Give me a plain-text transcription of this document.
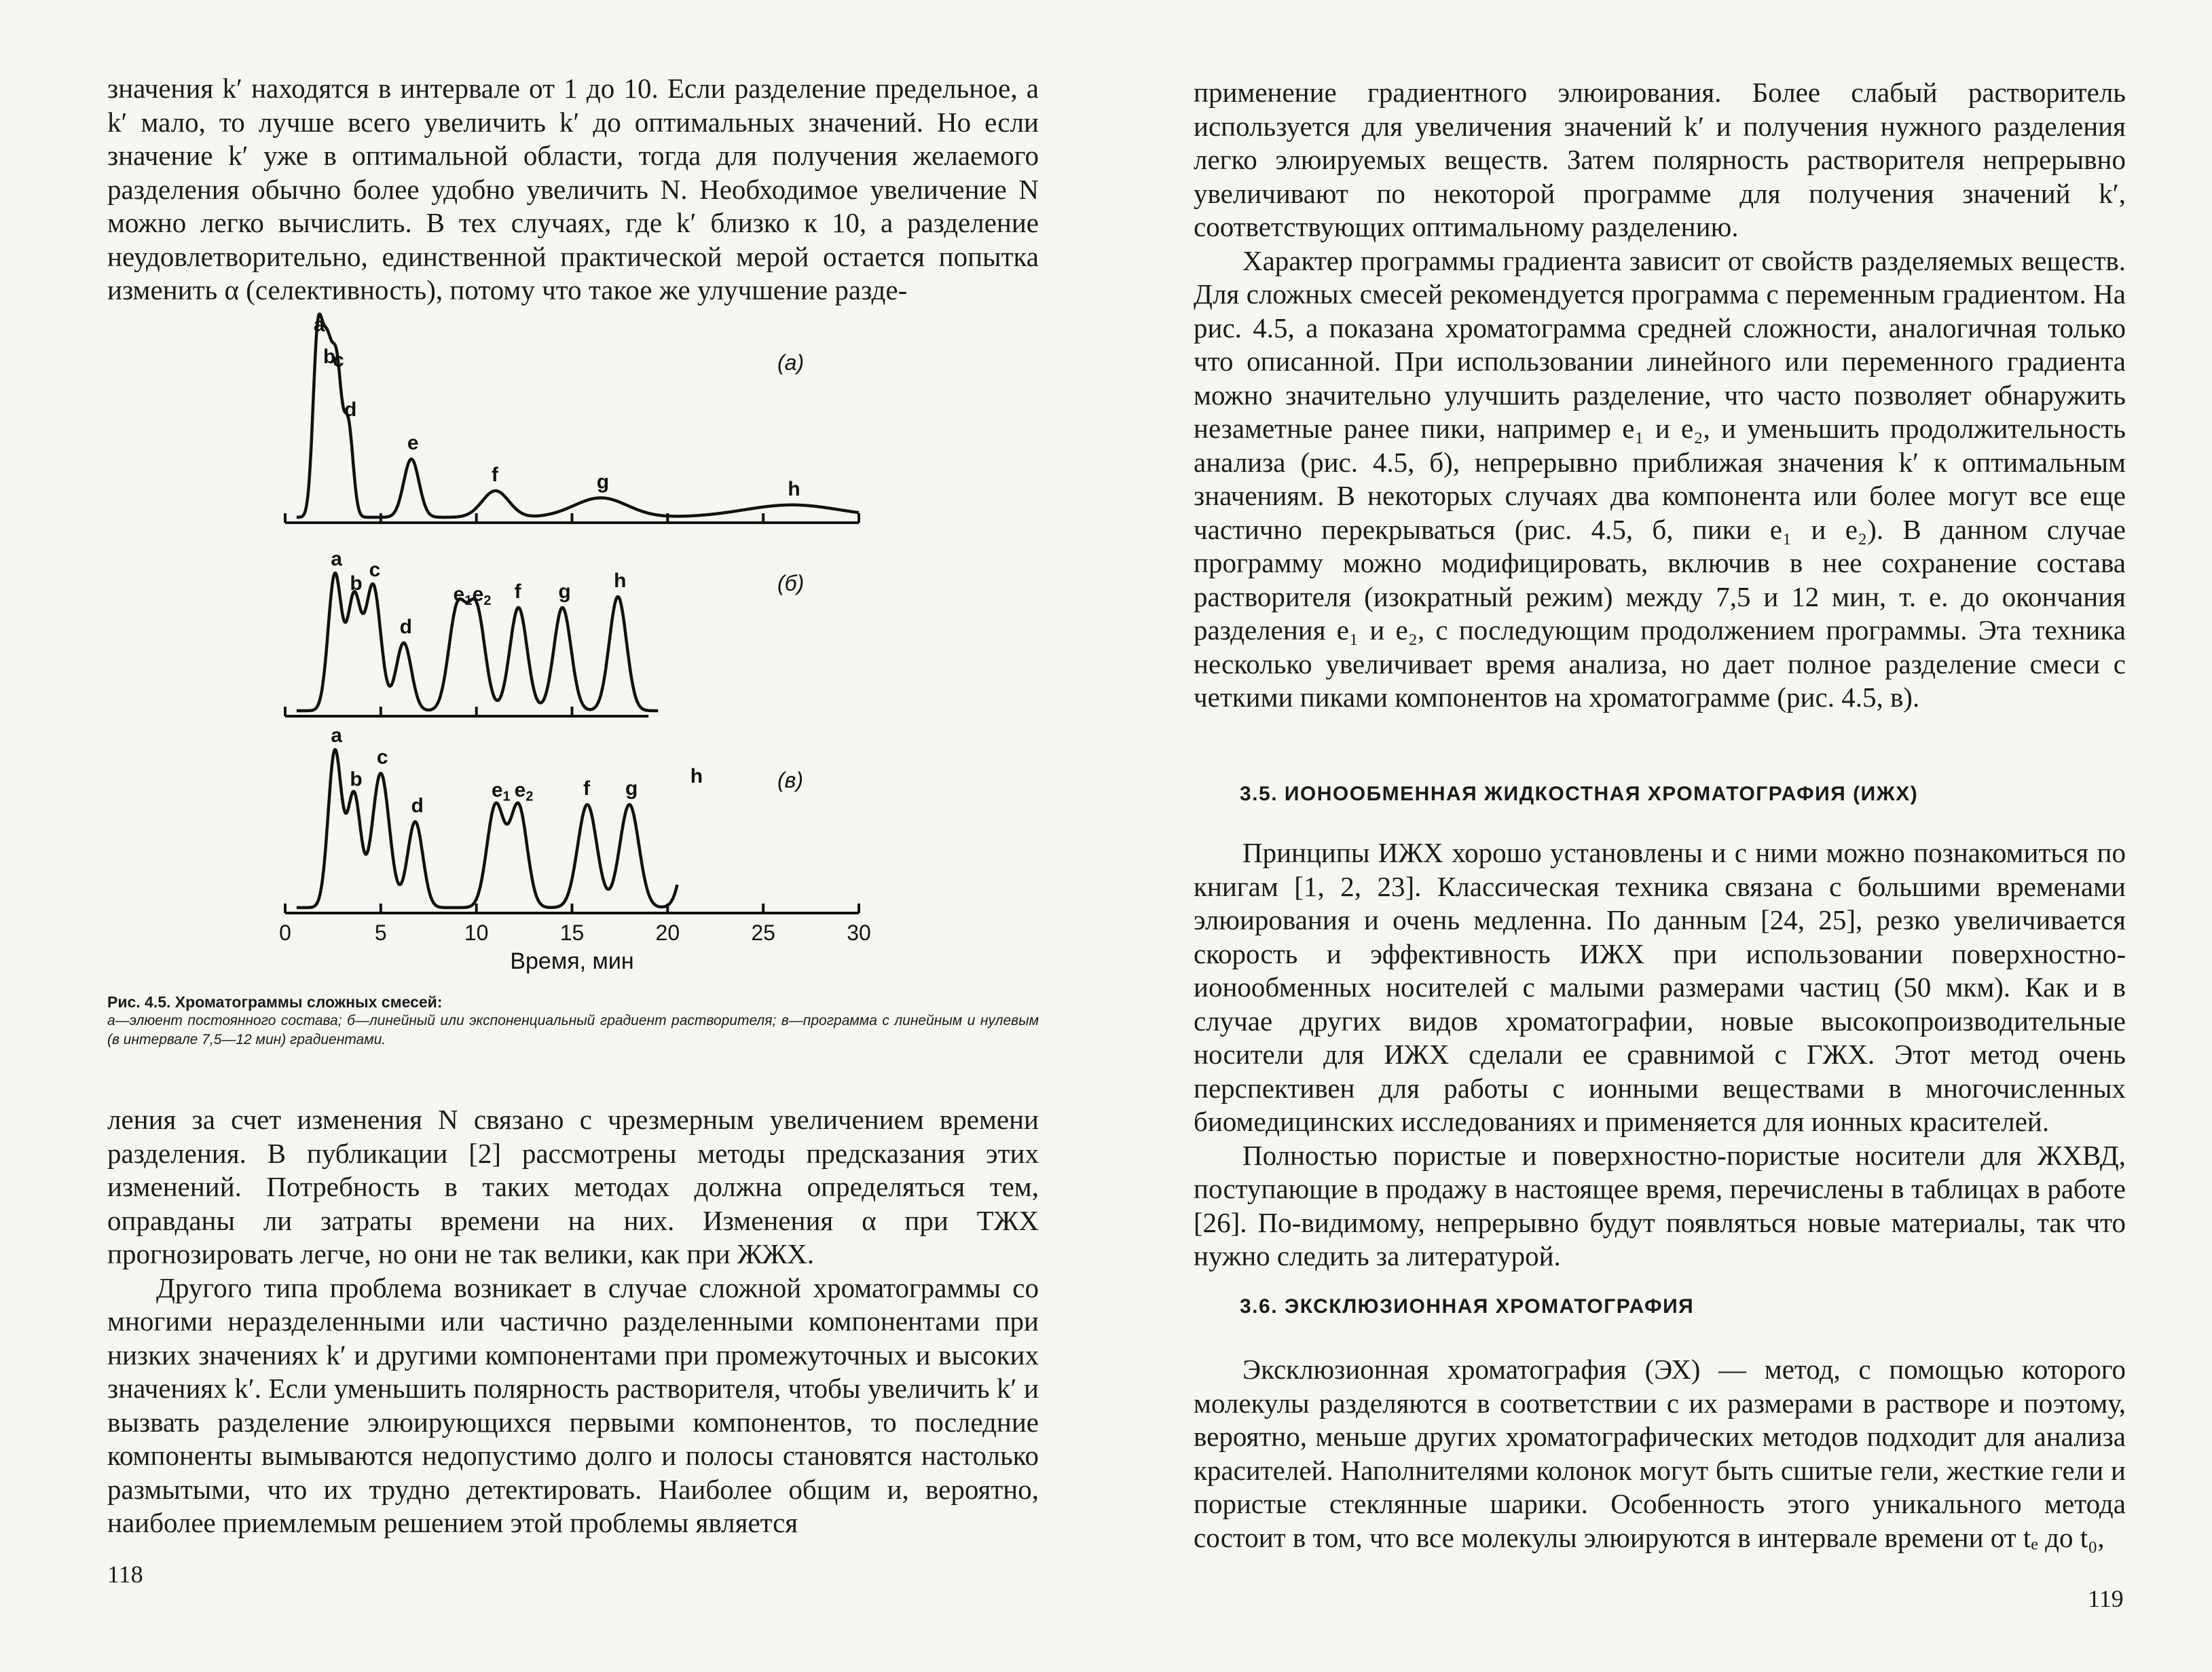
значения k′ находятся в интервале от 1 до 10. Если разделение предельное, а k′ мало, то лучше всего увеличить k′ до оптимальных значений. Но если значение k′ уже в оптимальной области, тогда для получения желаемого разделения обычно более удобно увеличить N. Необходимое увеличение N можно легко вычислить. В тех случаях, где k′ близко к 10, а разделение неудовлетворительно, единственной практической мерой остается попытка изменить α (селективность), потому что такое же улучшение разде-

a
b
c
d
e
f	g	h
(а)
a
b
c
d
$e_1$ $e_2$ f g h	(б)
a
b
c
d
$e_1$ $e_2$ f g
h	(в)
0	5	10	15	20	25	30
Время, мин
Рис. 4.5. Хроматограммы сложных смесей:
а—элюент постоянного состава; б—линейный или экспоненциальный градиент растворителя; в—программа с линейным и нулевым (в интервале 7,5—12 мин) градиентами.

ления за счет изменения N связано с чрезмерным увеличением времени разделения. В публикации [2] рассмотрены методы предсказания этих изменений. Потребность в таких методах должна определяться тем, оправданы ли затраты времени на них. Изменения α при ТЖХ прогнозировать легче, но они не так велики, как при ЖЖХ.

Другого типа проблема возникает в случае сложной хроматограммы со многими неразделенными или частично разделенными компонентами при низких значениях k′ и другими компонентами при промежуточных и высоких значениях k′. Если уменьшить полярность растворителя, чтобы увеличить k′ и вызвать разделение элюирующихся первыми компонентов, то последние компоненты вымываются недопустимо долго и полосы становятся настолько размытыми, что их трудно детектировать. Наиболее общим и, вероятно, наиболее приемлемым решением этой проблемы является

118

применение градиентного элюирования. Более слабый растворитель используется для увеличения значений k′ и получения нужного разделения легко элюируемых веществ. Затем полярность растворителя непрерывно увеличивают по некоторой программе для получения значений k′, соответствующих оптимальному разделению.

Характер программы градиента зависит от свойств разделяемых веществ. Для сложных смесей рекомендуется программа с переменным градиентом. На рис. 4.5, а показана хроматограмма средней сложности, аналогичная только что описанной. При использовании линейного или переменного градиента можно значительно улучшить разделение, что часто позволяет обнаружить незаметные ранее пики, например e₁ и e₂, и уменьшить продолжительность анализа (рис. 4.5, б), непрерывно приближая значения k′ к оптимальным значениям. В некоторых случаях два компонента или более могут все еще частично перекрываться (рис. 4.5, б, пики e₁ и e₂). В данном случае программу можно модифицировать, включив в нее сохранение состава растворителя (изократный режим) между 7,5 и 12 мин, т. е. до окончания разделения e₁ и e₂, с последующим продолжением программы. Эта техника несколько увеличивает время анализа, но дает полное разделение смеси с четкими пиками компонентов на хроматограмме (рис. 4.5, в).

3.5. ИОНООБМЕННАЯ ЖИДКОСТНАЯ ХРОМАТОГРАФИЯ (ИЖХ)

Принципы ИЖХ хорошо установлены и с ними можно познакомиться по книгам [1, 2, 23]. Классическая техника связана с большими временами элюирования и очень медленна. По данным [24, 25], резко увеличивается скорость и эффективность ИЖХ при использовании поверхностно-ионообменных носителей с малыми размерами частиц (50 мкм). Как и в случае других видов хроматографии, новые высокопроизводительные носители для ИЖХ сделали ее сравнимой с ГЖХ. Этот метод очень перспективен для работы с ионными веществами в многочисленных биомедицинских исследованиях и применяется для ионных красителей.

Полностью пористые и поверхностно-пористые носители для ЖХВД, поступающие в продажу в настоящее время, перечислены в таблицах в работе [26]. По-видимому, непрерывно будут появляться новые материалы, так что нужно следить за литературой.

3.6. ЭКСКЛЮЗИОННАЯ ХРОМАТОГРАФИЯ

Эксклюзионная хроматография (ЭХ) — метод, с помощью которого молекулы разделяются в соответствии с их размерами в растворе и поэтому, вероятно, меньше других хроматографических методов подходит для анализа красителей. Наполнителями колонок могут быть сшитые гели, жесткие гели и пористые стеклянные шарики. Особенность этого уникального метода состоит в том, что все молекулы элюируются в интервале времени от tₑ до t₀,

119
